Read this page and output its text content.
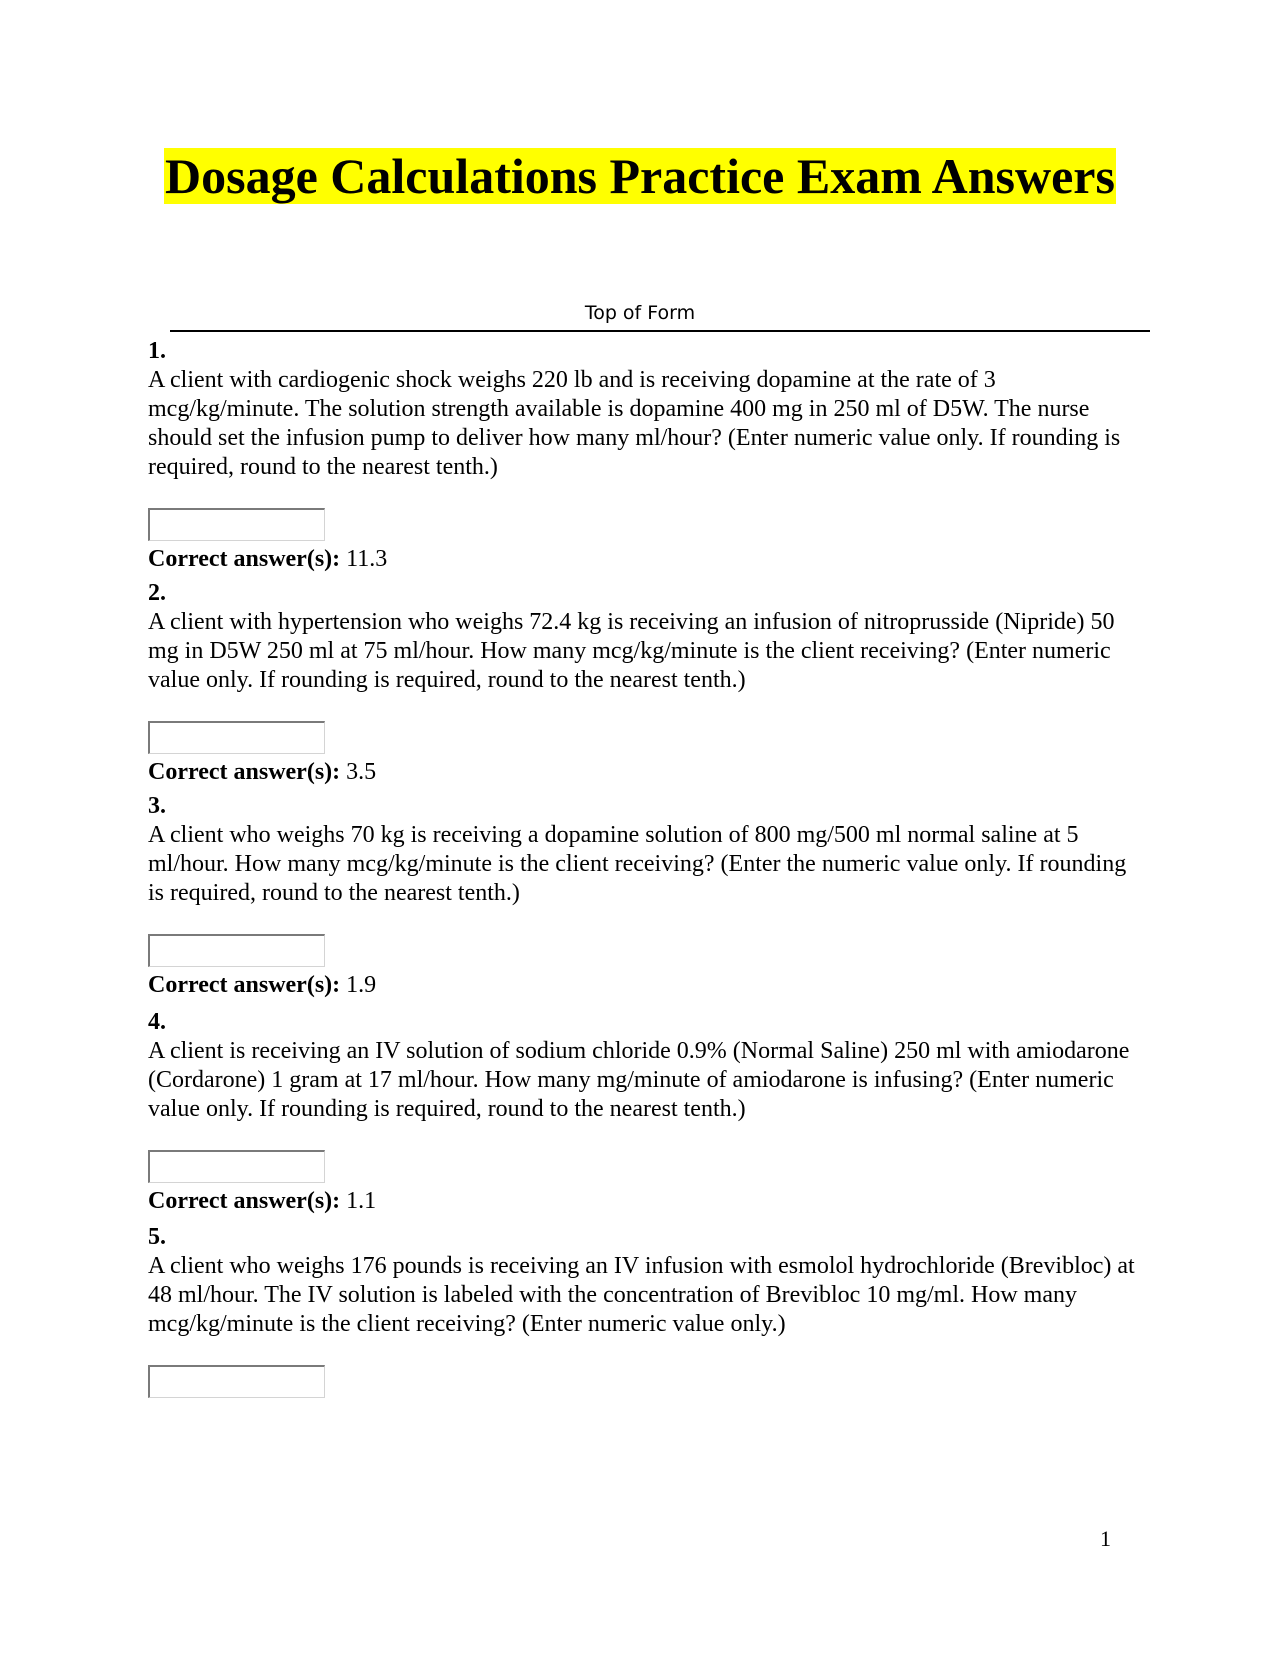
Dosage Calculations Practice Exam Answers
Top of Form
1.
A client with cardiogenic shock weighs 220 lb and is receiving dopamine at the rate of 3 mcg/kg/minute. The solution strength available is dopamine 400 mg in 250 ml of D5W. The nurse should set the infusion pump to deliver how many ml/hour? (Enter numeric value only. If rounding is required, round to the nearest tenth.)
Correct answer(s): 11.3
2.
A client with hypertension who weighs 72.4 kg is receiving an infusion of nitroprusside (Nipride) 50 mg in D5W 250 ml at 75 ml/hour. How many mcg/kg/minute is the client receiving? (Enter numeric value only. If rounding is required, round to the nearest tenth.)
Correct answer(s): 3.5
3.
A client who weighs 70 kg is receiving a dopamine solution of 800 mg/500 ml normal saline at 5 ml/hour. How many mcg/kg/minute is the client receiving? (Enter the numeric value only. If rounding is required, round to the nearest tenth.)
Correct answer(s): 1.9
4.
A client is receiving an IV solution of sodium chloride 0.9% (Normal Saline) 250 ml with amiodarone (Cordarone) 1 gram at 17 ml/hour. How many mg/minute of amiodarone is infusing? (Enter numeric value only. If rounding is required, round to the nearest tenth.)
Correct answer(s): 1.1
5.
A client who weighs 176 pounds is receiving an IV infusion with esmolol hydrochloride (Brevibloc) at 48 ml/hour. The IV solution is labeled with the concentration of Brevibloc 10 mg/ml. How many mcg/kg/minute is the client receiving? (Enter numeric value only.)
1
